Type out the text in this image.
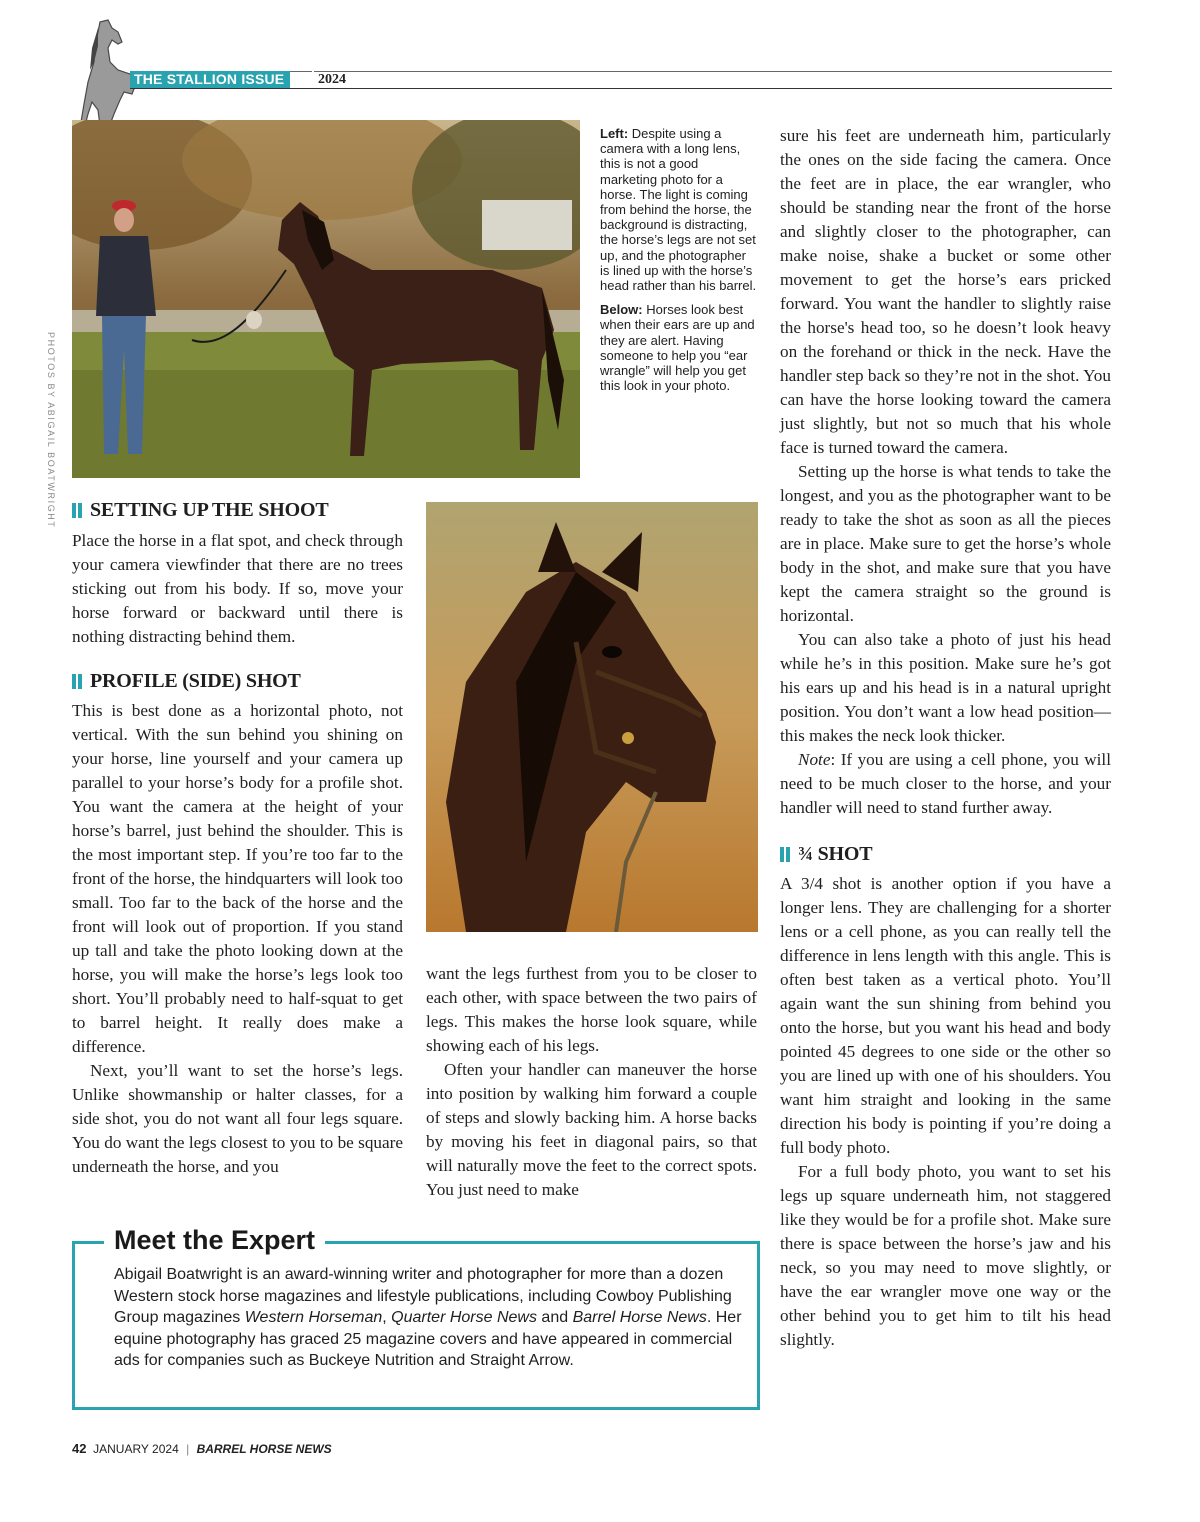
THE STALLION ISSUE	2024
PHOTOS BY ABIGAIL BOATWRIGHT

Left: Despite using a camera with a long lens, this is not a good marketing photo for a horse. The light is coming from behind the horse, the background is distracting, the horse’s legs are not set up, and the photographer is lined up with the horse’s head rather than his barrel.

Below: Horses look best when their ears are up and they are alert. Having someone to help you “ear wrangle” will help you get this look in your photo.

SETTING UP THE SHOOT

Place the horse in a flat spot, and check through your camera viewfinder that there are no trees sticking out from his body. If so, move your horse forward or backward until there is nothing distracting behind them.

PROFILE (SIDE) SHOT

This is best done as a horizontal photo, not vertical. With the sun behind you shining on your horse, line yourself and your camera up parallel to your horse’s body for a profile shot. You want the camera at the height of your horse’s barrel, just behind the shoulder. This is the most important step. If you’re too far to the front of the horse, the hindquarters will look too small. Too far to the back of the horse and the front will look out of proportion. If you stand up tall and take the photo looking down at the horse, you will make the horse’s legs look too short. You’ll probably need to half-squat to get to barrel height. It really does make a difference.

Next, you’ll want to set the horse’s legs. Unlike showmanship or halter classes, for a side shot, you do not want all four legs square. You do want the legs closest to you to be square underneath the horse, and you

want the legs furthest from you to be closer to each other, with space between the two pairs of legs. This makes the horse look square, while showing each of his legs.

Often your handler can maneuver the horse into position by walking him forward a couple of steps and slowly backing him. A horse backs by moving his feet in diagonal pairs, so that will naturally move the feet to the correct spots. You just need to make

sure his feet are underneath him, particularly the ones on the side facing the camera. Once the feet are in place, the ear wrangler, who should be standing near the front of the horse and slightly closer to the photographer, can make noise, shake a bucket or some other movement to get the horse’s ears pricked forward. You want the handler to slightly raise the horse's head too, so he doesn’t look heavy on the forehand or thick in the neck. Have the handler step back so they’re not in the shot. You can have the horse looking toward the camera just slightly, but not so much that his whole face is turned toward the camera.

Setting up the horse is what tends to take the longest, and you as the photographer want to be ready to take the shot as soon as all the pieces are in place. Make sure to get the horse’s whole body in the shot, and make sure that you have kept the camera straight so the ground is horizontal.

You can also take a photo of just his head while he’s in this position. Make sure he’s got his ears up and his head is in a natural upright position. You don’t want a low head position—this makes the neck look thicker.

Note: If you are using a cell phone, you will need to be much closer to the horse, and your handler will need to stand further away.

¾ SHOT

A 3/4 shot is another option if you have a longer lens. They are challenging for a shorter lens or a cell phone, as you can really tell the difference in lens length with this angle. This is often best taken as a vertical photo. You’ll again want the sun shining from behind you onto the horse, but you want his head and body pointed 45 degrees to one side or the other so you are lined up with one of his shoulders. You want him straight and looking in the same direction his body is pointing if you’re doing a full body photo.

For a full body photo, you want to set his legs up square underneath him, not staggered like they would be for a profile shot. Make sure there is space between the horse’s jaw and his neck, so you may need to move slightly, or have the ear wrangler move one way or the other behind you to get him to tilt his head slightly.

Meet the Expert
Abigail Boatwright is an award-winning writer and photographer for more than a dozen Western stock horse magazines and lifestyle publications, including Cowboy Publishing Group magazines Western Horseman, Quarter Horse News and Barrel Horse News. Her equine photography has graced 25 magazine covers and have appeared in commercial ads for companies such as Buckeye Nutrition and Straight Arrow.
42 JANUARY 2024 | BARREL HORSE NEWS
